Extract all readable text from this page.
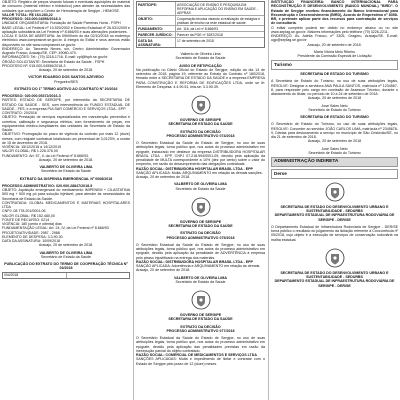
OBJETO: Registro de preços visando futuras e eventuais aquisições de material de consumo (material elétrico e hidráulico) para atender as necessidades das unidades que compõem o Centro de Hemoterapia de Sergipe - HEMOSE.

VALOR TOTAL: R$ 164.283,22

PROCESSO: 015.000.04556/2018-3

UNIDADE ORÇAMENTÁRIA: Fundação de Saúde Parreiras Horta - FSPH

BASE LEGAL: Lei Federal nº 10.520/2002 e Decreto Estadual nº 26.531/2009 e aplicação subsidiária da Lei Federal nº 8.666/93 e suas alterações posteriores.

LOCAL E DATA DE ABERTURA: Às 09h00min do dia 02/10/2018 no endereço eletrônico www.comprasnet.se.gov.br. A íntegra do Edital e seus anexos estão disponíveis no site www.comprasnet.se.gov.br.

ENDEREÇO: Av. Tancredo Neves, s/n, Centro Administrativo Governador Augusto Franco, Aracaju/SE, CEP: 49080-470.

INFORMAÇÕES: Tel.: (79) 3218-1716. E-mail: cpl@fsph.se.gov.br

ÓRGÃO SOLICITANTE: Secretaria de Estado da Saúde - FSPH

PROCESSO Nº: 015.000.04556/2018-3

Aracaju, 20 de setembro de 2018.

VICTOR EDUARDO DOS SANTOS AZEVEDO

Pregoeiro/SES

EXTRATO DO 1º TERMO ADITIVO AO CONTRATO Nº 20/2016

PROCESSO: 020.000.05372/2016-3

PARTES: ESTADO DE SERGIPE, por intermédio da SECRETARIA DE ESTADO DA SAÚDE - SES, com interveniência do FUNDO ESTADUAL DE SAÚDE - FES, e a empresa PULSAR COMÉRCIO E SERVIÇOS LTDA - EPP.

CONTRATO: 20/2016

OBJETO: Prestação de serviços especializados em manutenção preventiva e corretiva, calibração e segurança elétrica, com fornecimento de peças, em equipamentos médico-hospitalares das unidades da Secretaria de Estado da Saúde.

OBJETIVO: Prorrogação do prazo de vigência do contrato por mais 12 (doze) meses, com reajuste contratual totalizando um percentual de 3,0123%, a contar de 15 de dezembro de 2018.

VIGÊNCIA: 15/12/2018 a 14/12/2019

VALOR GLOBAL: R$ 1.226.376,00

FUNDAMENTO: Art. 57, II, da Lei Federal nº 8.666/93.

Aracaju, 20 de setembro de 2018.

VALBERTO DE OLIVEIRA LIMA

Secretário de Estado da Saúde

EXTRATO DA DISPENSA EMERGENCIAL Nº 0068/2018

PROCESSO ADMINISTRATIVO: 020.000.28847/2018-9

OBJETO: Aquisição emergencial do medicamento IMIPENEM + CILASTATINA 500 mg + 500 mg pó para solução injetável, para atender às necessidades da Secretaria de Estado da Saúde.

CONTRATADA: GLOBAL MEDICAMENTOS E MATERIAIS HOSPITALARES LTDA

CNPJ: 08.778.201/0001-06

VALOR GLOBAL: R$ 152.480,00

FONTE DE RECURSO: 0214

VIGÊNCIA: 180 (cento e oitenta) dias

FUNDAMENTAÇÃO LEGAL: Art. 24, IV, da Lei Federal nº 8.666/93

PROJETO/ATIVIDADE: 2987 - 2988

ELEMENTO DE DESPESA: 3.3.90.30

DATA DA ASSINATURA: 10/09/2018

Aracaju, 20 de setembro de 2018.

VALBERTO DE OLIVEIRA LIMA

Secretário de Estado da Saúde

PUBLICAÇÃO DO EXTRATO DO TERMO DE COOPERAÇÃO TÉCNICA Nº 03/2018

004/2018
PARTÍCIPE:	ASSOCIAÇÃO DE ENSINO E PESQUISA EM REFORMA E APLICAÇÃO DO ENSINO EM SAÚDE - AEPRAS
OBJETO:	Cooperação técnica visando a realização de estágios e práticas de ensino na rede estadual de saúde
FUNDAMENTO:	Art. 116, da Lei nº 8.666/93
PARECER JURÍDICO:	Parecer da PGE nº 5287/2018
DATA DA ASSINATURA:
17 de setembro de 2018

Valberto de Oliveira Lima

Secretário de Estado da Saúde

AVISO DE RETIFICAÇÃO

Na publicação no Diário Oficial do Estado de Sergipe, edição do dia 14 de setembro de 2018, página 19, referente ao Extrato do Contrato nº 180/2018, firmado entre a SECRETARIA DE ESTADO DA SAÚDE e a empresa EMPRESA PARA CONSTRUÇÃO E REFORMA DE EDIFICAÇÕES LTDA, onde se lê: Elemento de Despesa: 4.4.90.51, leia-se: 3.3.90.39.

GOVERNO DE SERGIPE

SECRETARIA DE ESTADO DA SAÚDE

EXTRATO DA DECISÃO

PROCESSO ADMINISTRATIVO 074/2018

O Secretário Estadual da Saúde do Estado de Sergipe, no uso de suas atribuições legais, torna público que, nos autos do processo administrativo em epígrafe, instaurado em desfavor da empresa DISTRIBUIDORA HOSPITALAR BRASIL LTDA - EPP, CNPJ 07.218.994/0001-09, decidiu pela aplicação da penalidade de MULTA correspondente a 10% (dez por cento) sobre o valor do empenho, em razão do descumprimento das obrigações contratuais.

RAZÃO SOCIAL: DISTRIBUIDORA HOSPITALAR BRASIL LTDA - EPP

SANÇÃO APLICADA: Multa. ARQUIVAMENTO em relação às demais sanções.

Aracaju, 20 de setembro de 2018.

VALBERTO DE OLIVEIRA LIMA

Secretário de Estado da Saúde

GOVERNO DE SERGIPE

SECRETARIA DE ESTADO DA SAÚDE

EXTRATO DA DECISÃO

PROCESSO ADMINISTRATIVO 075/2018

O Secretário Estadual da Saúde do Estado de Sergipe, no uso de suas atribuições legais, torna público que, nos autos do processo administrativo em epígrafe, decidiu pela aplicação da penalidade de ADVERTÊNCIA à empresa pelo atraso injustificado na entrega dos materiais.

RAZÃO SOCIAL: DISTRIBUIDORA HOSPITALAR BRASIL LTDA - EPP

SANÇÃO APLICADA: Advertência e ARQUIVAMENTO em relação às demais.

Aracaju, 20 de setembro de 2018.

VALBERTO DE OLIVEIRA LIMA

Secretário de Estado da Saúde

GOVERNO DE SERGIPE

SECRETARIA DE ESTADO DA SAÚDE

EXTRATO DA DECISÃO

PROCESSO ADMINISTRATIVO 077/2018

O Secretário Estadual da Saúde do Estado de Sergipe, no uso de suas atribuições legais, torna público que, nos autos do processo administrativo em epígrafe, decidiu pela aplicação das penalidades previstas em razão da inexecução parcial do objeto contratado.

RAZÃO SOCIAL: COMERCIAL DE MEDICAMENTOS E SERVIÇOS LTDA

SANÇÕES APLICADAS: Multa e impedimento de licitar e contratar com o Estado de Sergipe pelo prazo de 12 (doze) meses.

INSTITUIÇÃO FINANCEIRA: BANCO INTERNACIONAL PARA RECONSTRUÇÃO E DESENVOLVIMENTO (BANCO MUNDIAL) "BIRD". O Estado de Sergipe recebeu financiamento do Banco Internacional para Reconstrução e Desenvolvimento (BIRD), Acordo de Empréstimo nº 8398-BR, e pretende aplicar parte dos recursos para contratação de serviços de consultoria.

O edital completo poderá ser obtido no endereço abaixo ou no site www.seplag.se.gov.br. Maiores informações pelo telefone (79) 3226-2211.

ENDEREÇO: Av. Adélia Franco, nº 3305, Grageru, Aracaju/SE. E-mail: ugp@seplag.se.gov.br

Aracaju, 20 de setembro de 2018.

Maria Vitória Melo Ribeiro

Presidente da Comissão Especial de Licitação

Turismo

SECRETARIA DE ESTADO DO TURISMO

A Secretária de Estado do Turismo, no uso de suas atribuições legais, RESOLVE: Designar a servidora ANA PAULA SANTOS, matrícula nº 1234567-8, para responder pelo cargo em comissão de Assessor Técnico, durante o afastamento do titular, no período de 10 a 24 de setembro de 2018.

Aracaju, 20 de setembro de 2018

José Sales Neto

Secretário de Estado do Turismo

SECRETARIA DE ESTADO DO TURISMO

O Secretário de Estado do Turismo, no uso de suas atribuições legais, RESOLVE: Conceder ao servidor JOÃO CARLOS LIMA, matrícula nº 2345678-9, Diárias para deslocamento a serviço no município de São Cristóvão/SE, no dia 21 de setembro de 2018.

Aracaju, 20 de setembro de 2018

José Sales Neto

Secretário de Estado do Turismo

ADMINISTRAÇÃO INDIRETA
Derse

SECRETARIA DE ESTADO DO DESENVOLVIMENTO URBANO E SUSTENTABILIDADE - SEDURBS

DEPARTAMENTO ESTADUAL DE INFRAESTRUTURA RODOVIÁRIA DE SERGIPE - DER/SE

O Departamento Estadual de Infraestrutura Rodoviária de Sergipe - DER/SE torna público o resultado do julgamento da licitação referente à Concorrência nº 05/2018, cujo objeto é a execução de serviços de conservação rodoviária na malha estadual.

SECRETARIA DE ESTADO DO DESENVOLVIMENTO URBANO E SUSTENTABILIDADE - SEDURBS

DEPARTAMENTO ESTADUAL DE INFRAESTRUTURA RODOVIÁRIA DE SERGIPE - DER/SE
